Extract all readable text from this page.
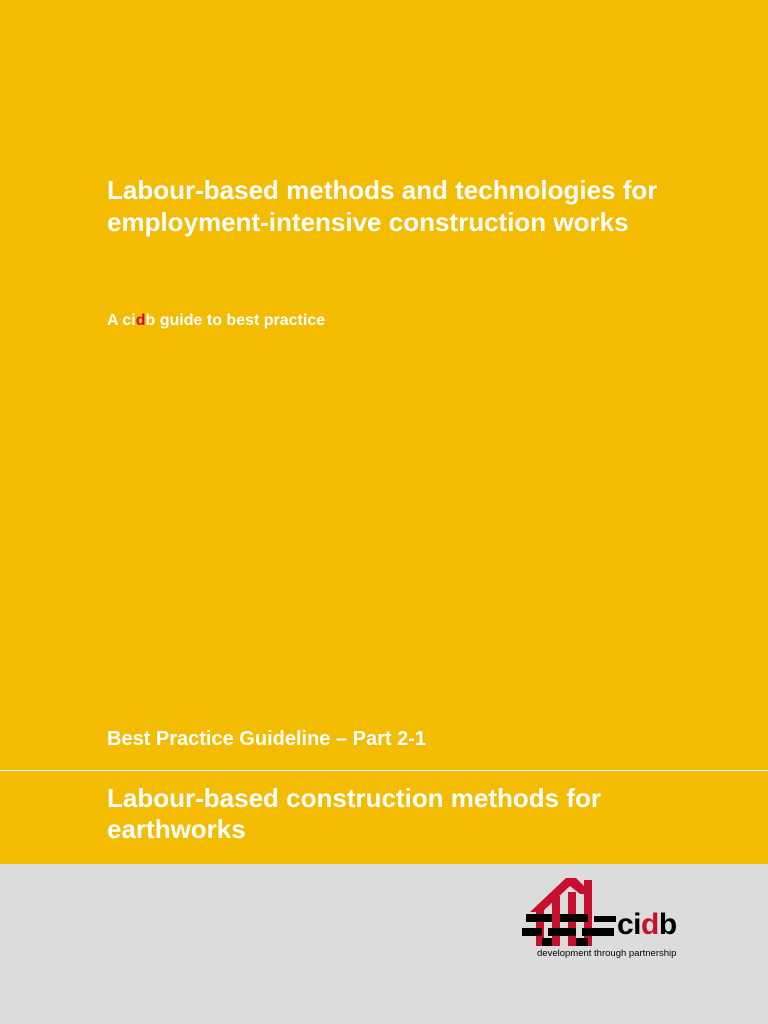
Labour-based methods and technologies for employment-intensive construction works
A cidb guide to best practice
Best Practice Guideline – Part 2-1
Labour-based construction methods for earthworks
cidb
development through partnership
